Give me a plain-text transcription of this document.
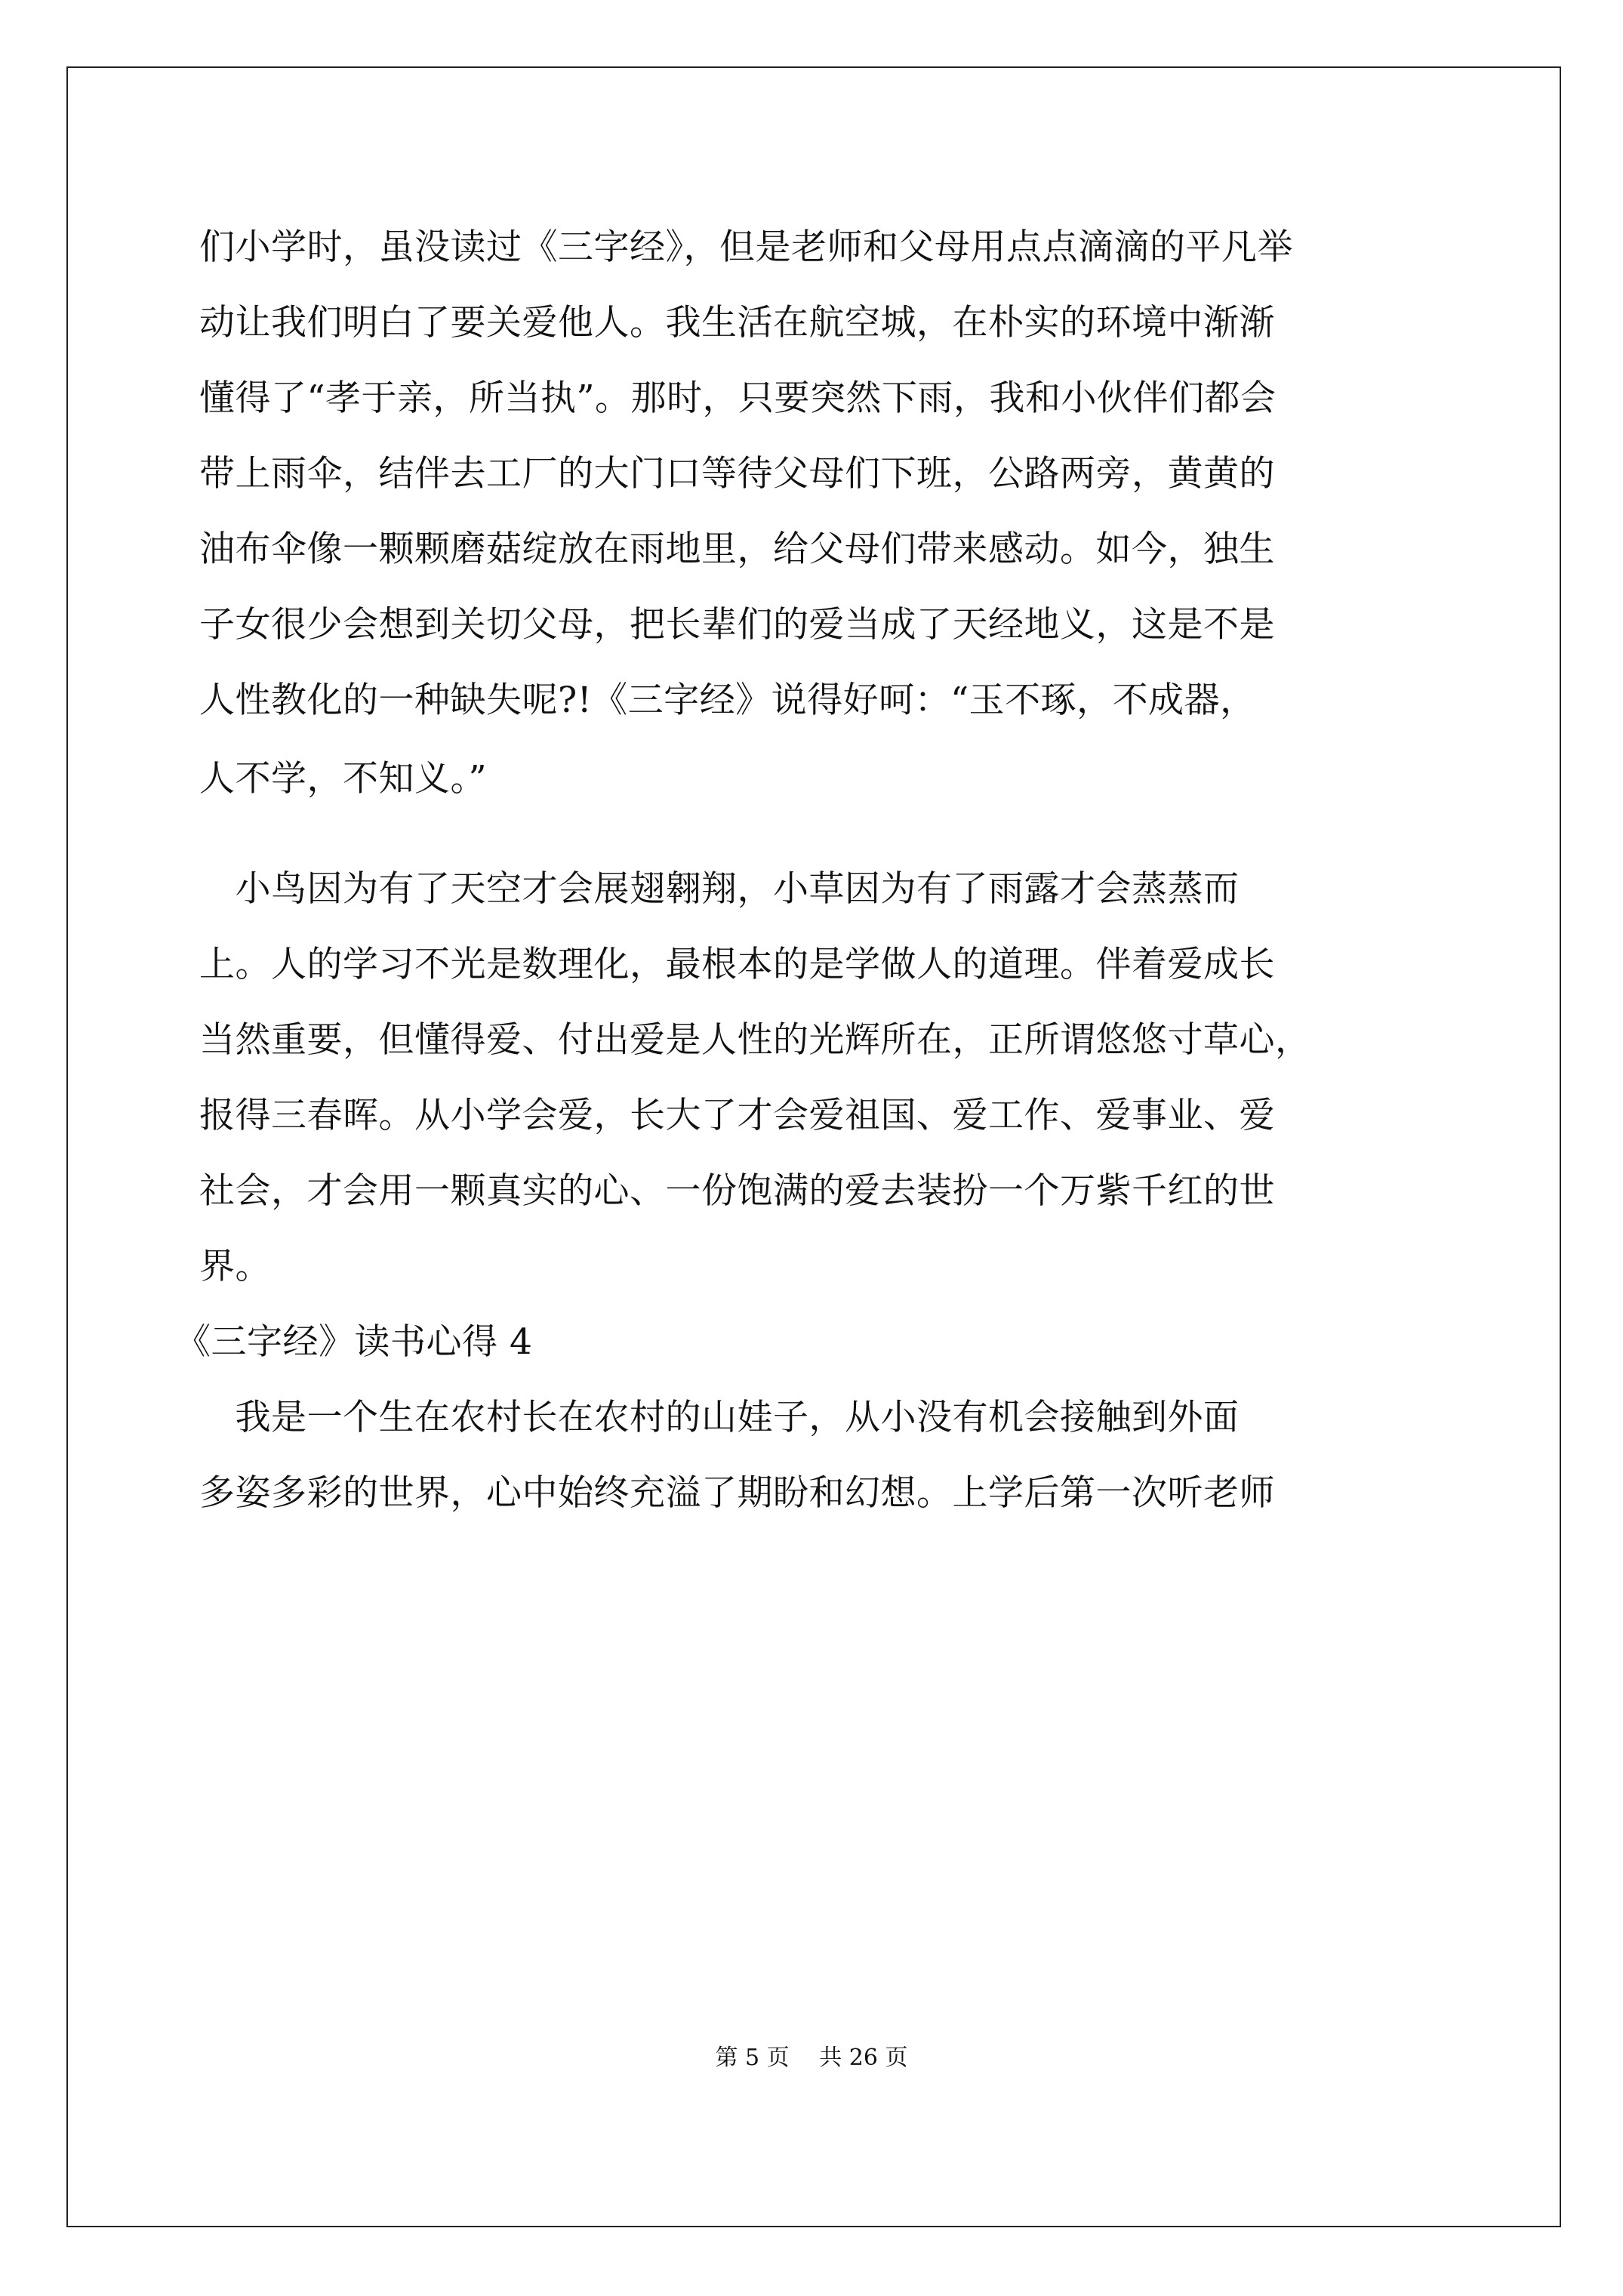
们小学时，虽没读过《三字经》，但是老师和父母用点点滴滴的平凡举
动让我们明白了要关爱他人。我生活在航空城，在朴实的环境中渐渐
懂得了“孝于亲，所当执”。那时，只要突然下雨，我和小伙伴们都会
带上雨伞，结伴去工厂的大门口等待父母们下班，公路两旁，黄黄的
油布伞像一颗颗磨菇绽放在雨地里，给父母们带来感动。如今，独生
子女很少会想到关切父母，把长辈们的爱当成了天经地义，这是不是
人性教化的一种缺失呢?!《三字经》说得好呵：“玉不琢，不成器，
人不学，不知义。”
　小鸟因为有了天空才会展翅翱翔，小草因为有了雨露才会蒸蒸而
上。人的学习不光是数理化，最根本的是学做人的道理。伴着爱成长
当然重要，但懂得爱、付出爱是人性的光辉所在，正所谓悠悠寸草心，
报得三春晖。从小学会爱，长大了才会爱祖国、爱工作、爱事业、爱
社会，才会用一颗真实的心、一份饱满的爱去装扮一个万紫千红的世
界。
《三字经》读书心得 4
　我是一个生在农村长在农村的山娃子，从小没有机会接触到外面
多姿多彩的世界，心中始终充溢了期盼和幻想。上学后第一次听老师
第 5 页　 共 26 页
